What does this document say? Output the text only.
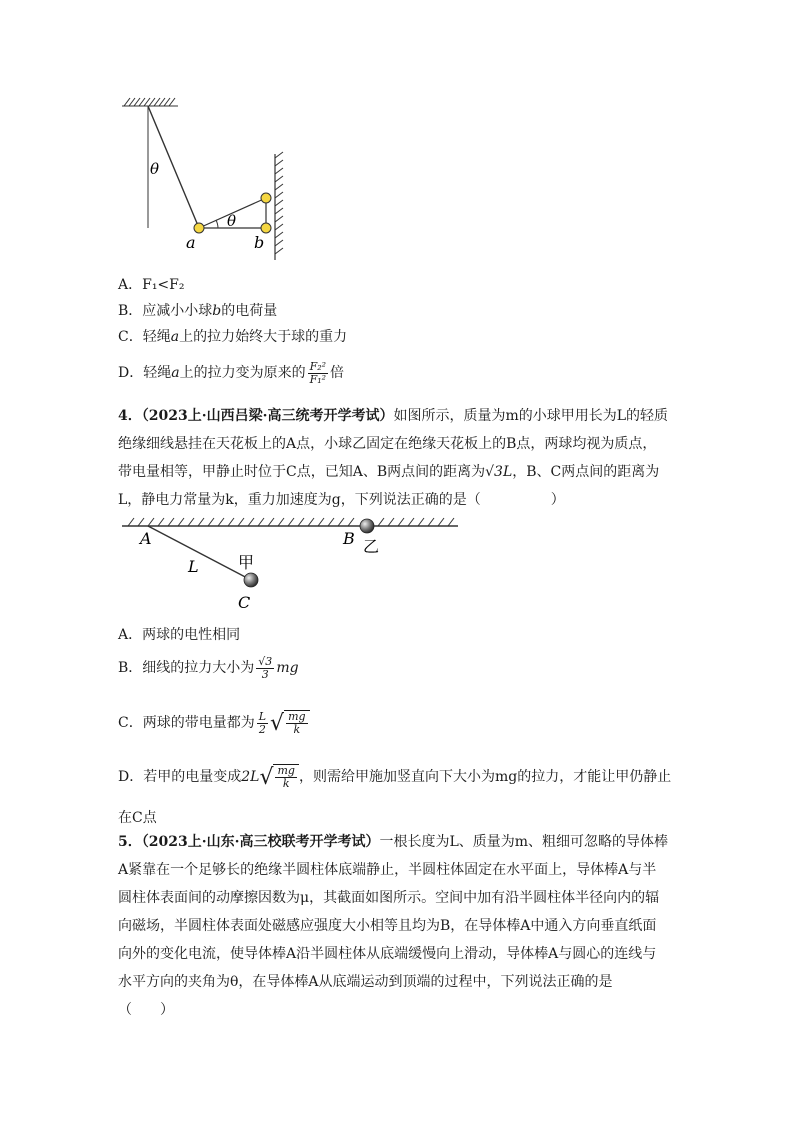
θ
θ
a	b
A．F₁<F₂
B．应减小小球b的电荷量
C．轻绳a上的拉力始终大于球的重力
D．轻绳a上的拉力变为原来的 $\frac{\text{F₂²}}{\text{F₁²}}$ 倍
4．（2023上·山西吕梁·高三统考开学考试）如图所示，质量为m的小球甲用长为L的轻质
绝缘细线悬挂在天花板上的A点，小球乙固定在绝缘天花板上的B点，两球均视为质点，
带电量相等，甲静止时位于C点，已知A、B两点间的距离为√3L，B、C两点间的距离为
L，静电力常量为k，重力加速度为g，下列说法正确的是（	）
A	B 乙
L 甲
C
A．两球的电性相同
B．细线的拉力大小为 $\frac{√3}{3}$ mg
C．两球的带电量都为 $\frac{L}{2}$ √ $\frac{mg}{k}$
D．若甲的电量变成2L √ $\frac{mg}{k}$ ，则需给甲施加竖直向下大小为mg的拉力，才能让甲仍静止
在C点
5．（2023上·山东·高三校联考开学考试）一根长度为L、质量为m、粗细可忽略的导体棒
A紧靠在一个足够长的绝缘半圆柱体底端静止，半圆柱体固定在水平面上，导体棒A与半
圆柱体表面间的动摩擦因数为μ，其截面如图所示。空间中加有沿半圆柱体半径向内的辐
向磁场，半圆柱体表面处磁感应强度大小相等且均为B，在导体棒A中通入方向垂直纸面
向外的变化电流，使导体棒A沿半圆柱体从底端缓慢向上滑动，导体棒A与圆心的连线与
水平方向的夹角为θ，在导体棒A从底端运动到顶端的过程中，下列说法正确的是
（　　）
